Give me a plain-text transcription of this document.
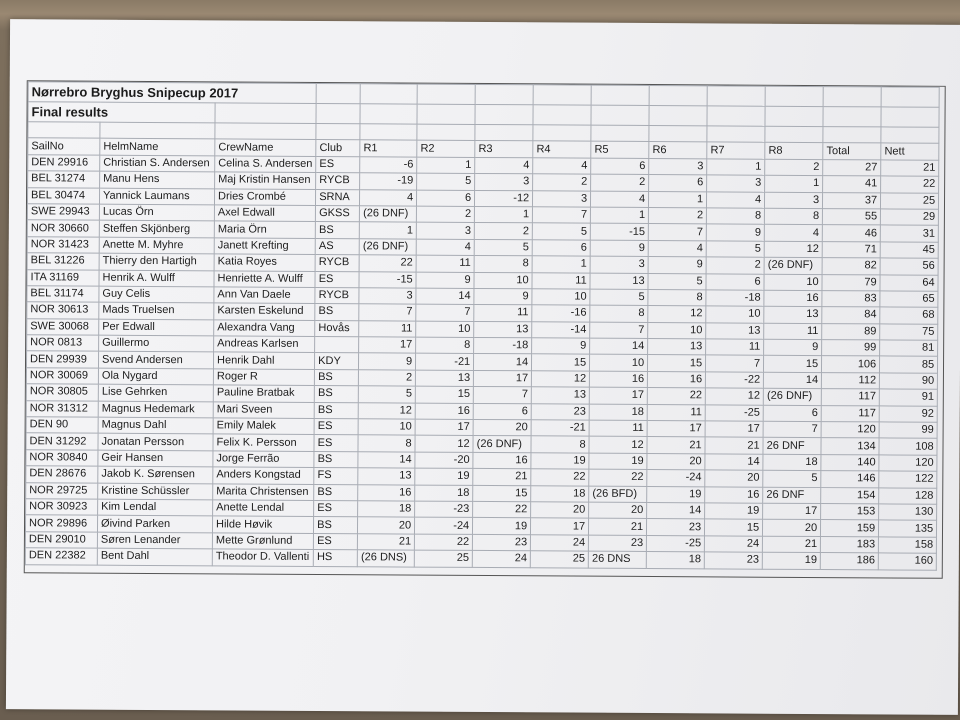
Nørrebro Bryghus Snipecup 2017													
Final results													

SailNo	HelmName	CrewName	Club	R1	R2	R3	R4	R5	R6	R7	R8	Total	Nett
DEN 29916	Christian S. Andersen	Celina S. Andersen	ES	-6	1	4	4	6	3	1	2	27	21
BEL 31274	Manu Hens	Maj Kristin Hansen	RYCB	-19	5	3	2	2	6	3	1	41	22
BEL 30474	Yannick Laumans	Dries Crombé	SRNA	4	6	-12	3	4	1	4	3	37	25
SWE 29943	Lucas Örn	Axel Edwall	GKSS	(26 DNF)	2	1	7	1	2	8	8	55	29
NOR 30660	Steffen Skjönberg	Maria Örn	BS	1	3	2	5	-15	7	9	4	46	31
NOR 31423	Anette M. Myhre	Janett Krefting	AS	(26 DNF)	4	5	6	9	4	5	12	71	45
BEL 31226	Thierry den Hartigh	Katia Royes	RYCB	22	11	8	1	3	9	2	(26 DNF)	82	56
ITA 31169	Henrik A. Wulff	Henriette A. Wulff	ES	-15	9	10	11	13	5	6	10	79	64
BEL 31174	Guy Celis	Ann Van Daele	RYCB	3	14	9	10	5	8	-18	16	83	65
NOR 30613	Mads Truelsen	Karsten Eskelund	BS	7	7	11	-16	8	12	10	13	84	68
SWE 30068	Per Edwall	Alexandra Vang	Hovås	11	10	13	-14	7	10	13	11	89	75
NOR 0813	Guillermo	Andreas Karlsen		17	8	-18	9	14	13	11	9	99	81
DEN 29939	Svend Andersen	Henrik Dahl	KDY	9	-21	14	15	10	15	7	15	106	85
NOR 30069	Ola Nygard	Roger R	BS	2	13	17	12	16	16	-22	14	112	90
NOR 30805	Lise Gehrken	Pauline Bratbak	BS	5	15	7	13	17	22	12	(26 DNF)	117	91
NOR 31312	Magnus Hedemark	Mari Sveen	BS	12	16	6	23	18	11	-25	6	117	92
DEN 90	Magnus Dahl	Emily Malek	ES	10	17	20	-21	11	17	17	7	120	99
DEN 31292	Jonatan Persson	Felix K. Persson	ES	8	12	(26 DNF)	8	12	21	21	26 DNF	134	108
NOR 30840	Geir Hansen	Jorge Ferrão	BS	14	-20	16	19	19	20	14	18	140	120
DEN 28676	Jakob K. Sørensen	Anders Kongstad	FS	13	19	21	22	22	-24	20	5	146	122
NOR 29725	Kristine Schüssler	Marita Christensen	BS	16	18	15	18	(26 BFD)	19	16	26 DNF	154	128
NOR 30923	Kim Lendal	Anette Lendal	ES	18	-23	22	20	20	14	19	17	153	130
NOR 29896	Øivind Parken	Hilde Høvik	BS	20	-24	19	17	21	23	15	20	159	135
DEN 29010	Søren Lenander	Mette Grønlund	ES	21	22	23	24	23	-25	24	21	183	158
DEN 22382	Bent Dahl	Theodor D. Vallenti	HS	(26 DNS)	25	24	25	26 DNS	18	23	19	186	160
